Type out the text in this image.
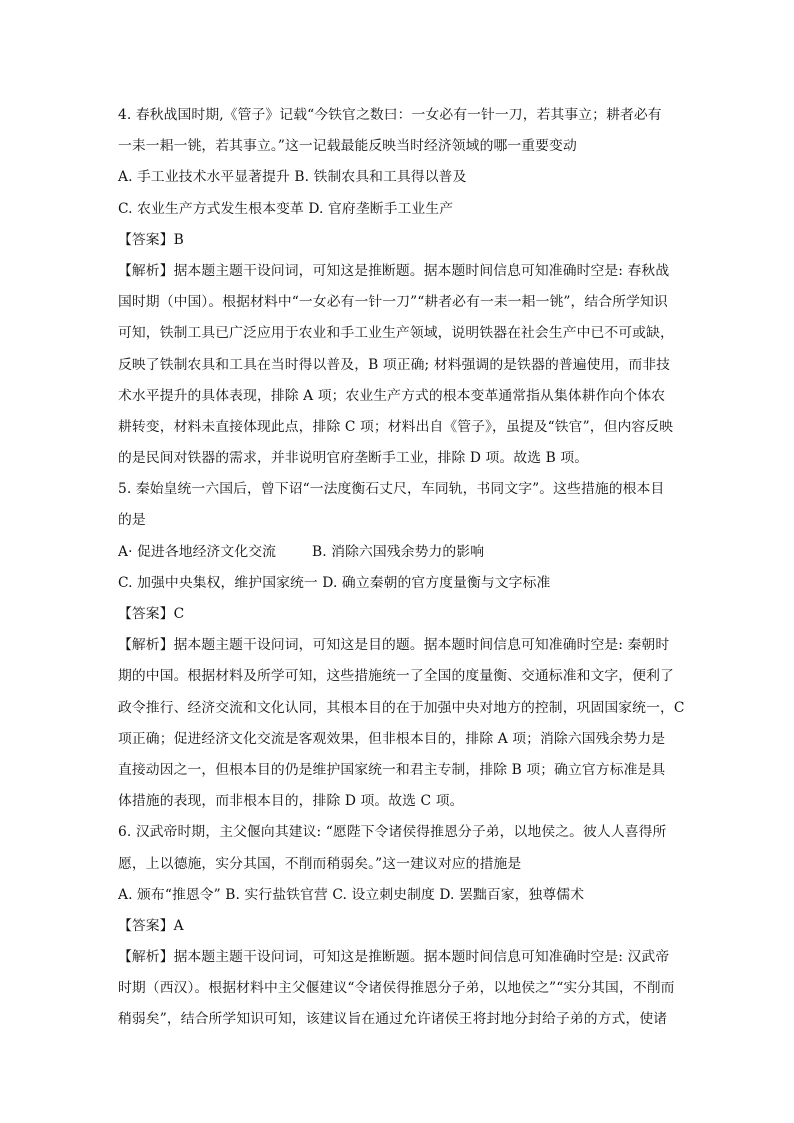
4. 春秋战国时期,《管子》记载“今铁官之数曰：一女必有一针一刀，若其事立；耕者必有
一耒一耜一铫，若其事立。”这一记载最能反映当时经济领域的哪一重要变动
A. 手工业技术水平显著提升 B. 铁制农具和工具得以普及
C. 农业生产方式发生根本变革 D. 官府垄断手工业生产
【答案】B
【解析】据本题主题干设问词，可知这是推断题。据本题时间信息可知准确时空是: 春秋战
国时期（中国）。根据材料中“一女必有一针一刀”“耕者必有一耒一耜一铫”，结合所学知识
可知，铁制工具已广泛应用于农业和手工业生产领域，说明铁器在社会生产中已不可或缺，
反映了铁制农具和工具在当时得以普及，B 项正确; 材料强调的是铁器的普遍使用，而非技
术水平提升的具体表现，排除 A 项；农业生产方式的根本变革通常指从集体耕作向个体农
耕转变，材料未直接体现此点，排除 C 项；材料出自《管子》，虽提及“铁官”，但内容反映
的是民间对铁器的需求，并非说明官府垄断手工业，排除 D 项。故选 B 项。
5. 秦始皇统一六国后，曾下诏“一法度衡石丈尺，车同轨，书同文字”。这些措施的根本目
的是
A· 促进各地经济文化交流	B. 消除六国残余势力的影响
C. 加强中央集权，维护国家统一 D. 确立秦朝的官方度量衡与文字标准
【答案】C
【解析】据本题主题干设问词，可知这是目的题。据本题时间信息可知准确时空是: 秦朝时
期的中国。根据材料及所学可知，这些措施统一了全国的度量衡、交通标准和文字，便利了
政令推行、经济交流和文化认同，其根本目的在于加强中央对地方的控制，巩固国家统一，C
项正确；促进经济文化交流是客观效果，但非根本目的，排除 A 项；消除六国残余势力是
直接动因之一，但根本目的仍是维护国家统一和君主专制，排除 B 项；确立官方标准是具
体措施的表现，而非根本目的，排除 D 项。故选 C 项。
6. 汉武帝时期，主父偃向其建议: “愿陛下令诸侯得推恩分子弟，以地侯之。彼人人喜得所
愿，上以德施，实分其国，不削而稍弱矣。”这一建议对应的措施是
A. 颁布“推恩令” B. 实行盐铁官营 C. 设立刺史制度 D. 罢黜百家，独尊儒术
【答案】A
【解析】据本题主题干设问词，可知这是推断题。据本题时间信息可知准确时空是: 汉武帝
时期（西汉）。根据材料中主父偃建议“令诸侯得推恩分子弟，以地侯之”“实分其国，不削而
稍弱矣”，结合所学知识可知，该建议旨在通过允许诸侯王将封地分封给子弟的方式，使诸
